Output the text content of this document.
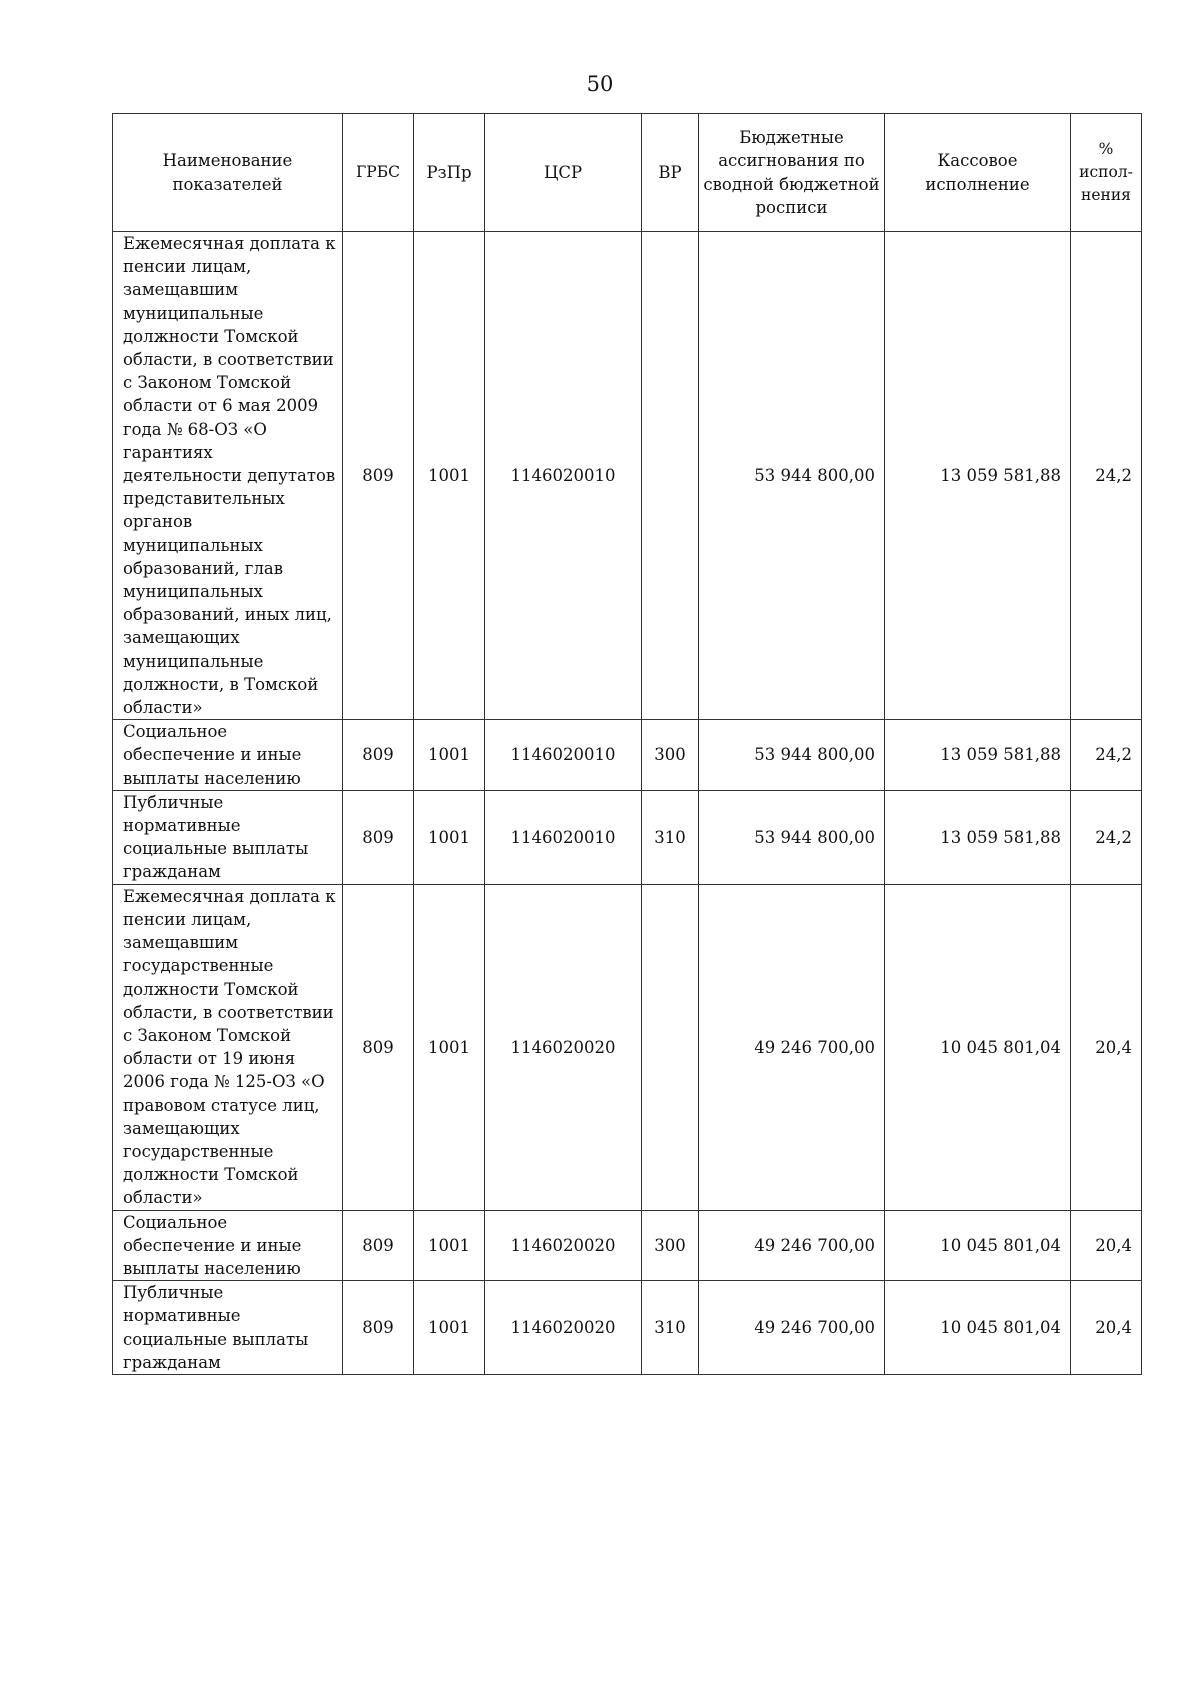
50
Наименование показателей	ГРБС	РзПр	ЦСР	ВР	Бюджетные ассигнования по сводной бюджетной росписи	Кассовое исполнение	% испол-нения
Ежемесячная доплата к пенсии лицам, замещавшим муниципальные должности Томской области, в соответствии с Законом Томской области от 6 мая 2009 года № 68-ОЗ «О гарантиях деятельности депутатов представительных органов муниципальных образований, глав муниципальных образований, иных лиц, замещающих муниципальные должности, в Томской области»	809	1001	1146020010		53 944 800,00	13 059 581,88	24,2
Социальное обеспечение и иные выплаты населению	809	1001	1146020010	300	53 944 800,00	13 059 581,88	24,2
Публичные нормативные социальные выплаты гражданам	809	1001	1146020010	310	53 944 800,00	13 059 581,88	24,2
Ежемесячная доплата к пенсии лицам, замещавшим государственные должности Томской области, в соответствии с Законом Томской области от 19 июня 2006 года № 125-ОЗ «О правовом статусе лиц, замещающих государственные должности Томской области»	809	1001	1146020020		49 246 700,00	10 045 801,04	20,4
Социальное обеспечение и иные выплаты населению	809	1001	1146020020	300	49 246 700,00	10 045 801,04	20,4
Публичные нормативные социальные выплаты гражданам	809	1001	1146020020	310	49 246 700,00	10 045 801,04	20,4
